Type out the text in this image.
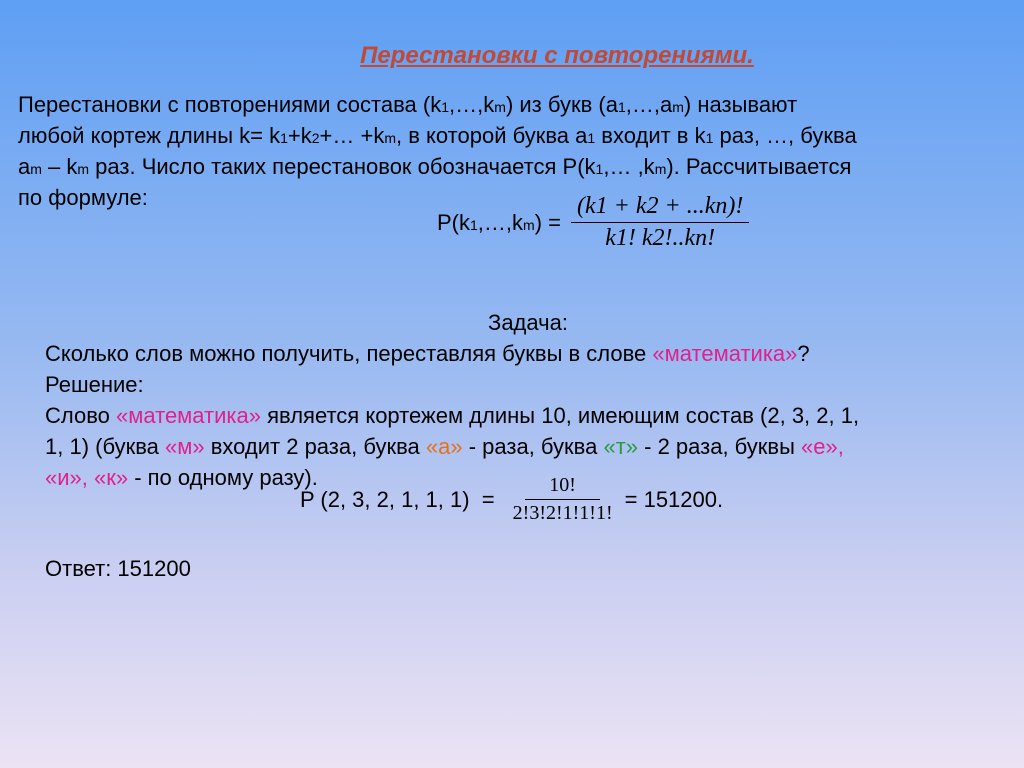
Перестановки с повторениями.
Перестановки с повторениями состава (k1,…,km) из букв (а1,…,аm) называют
любой кортеж длины k= k1+k2+… +km, в которой буква а1 входит в k1 раз, …, буква
аm – km раз. Число таких перестановок обозначается P(k1,… ,km). Рассчитывается
по формуле:
P(k1,…,km) = $\frac{(k1 + k2 + ...kn)!}{k1! k2!..kn!}$
Задача:
Сколько слов можно получить, переставляя буквы в слове «математика»?
Решение:
Слово «математика» является кортежем длины 10, имеющим состав (2, 3, 2, 1,
1, 1) (буква «м» входит 2 раза, буква «а» - раза, буква «т» - 2 раза, буквы «е»,
«и», «к» - по одному разу).
P (2, 3, 2, 1, 1, $1) = \frac{10!}{2!3!2!1!1!1!} = 151200$.
Ответ: 151200
